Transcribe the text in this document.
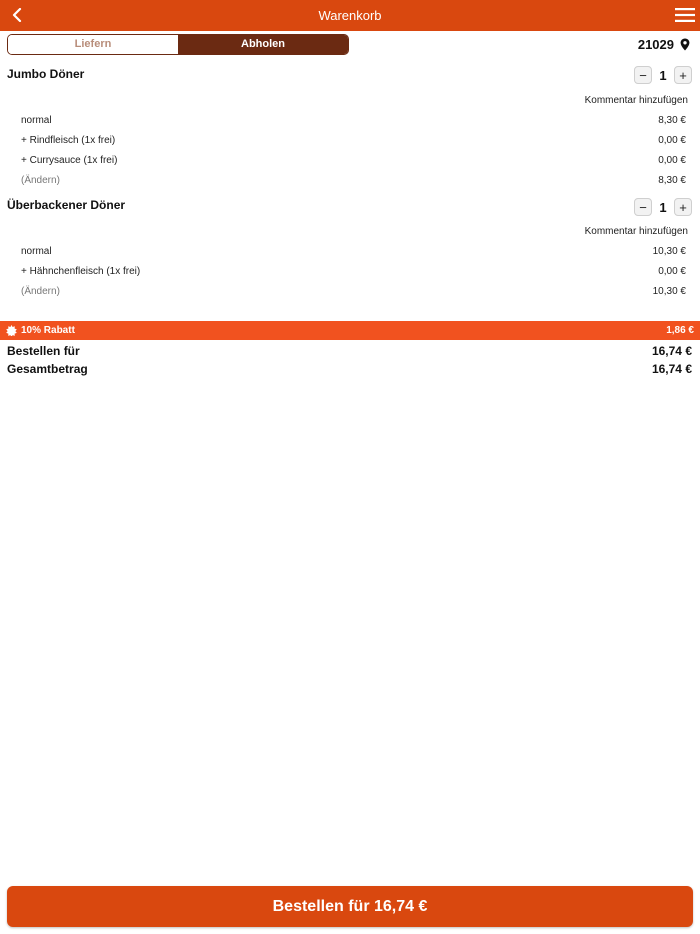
Warenkorb
Liefern	Abholen	21029
Jumbo Döner	− 1 +
Kommentar hinzufügen
normal	8,30 €
+ Rindfleisch (1x frei)	0,00 €
+ Currysauce (1x frei)	0,00 €
(Ändern)	8,30 €
Überbackener Döner	− 1 +
Kommentar hinzufügen
normal	10,30 €
+ Hähnchenfleisch (1x frei)	0,00 €
(Ändern)	10,30 €
10% Rabatt	1,86 €
Bestellen für	16,74 €
Gesamtbetrag	16,74 €
Bestellen für 16,74 €
